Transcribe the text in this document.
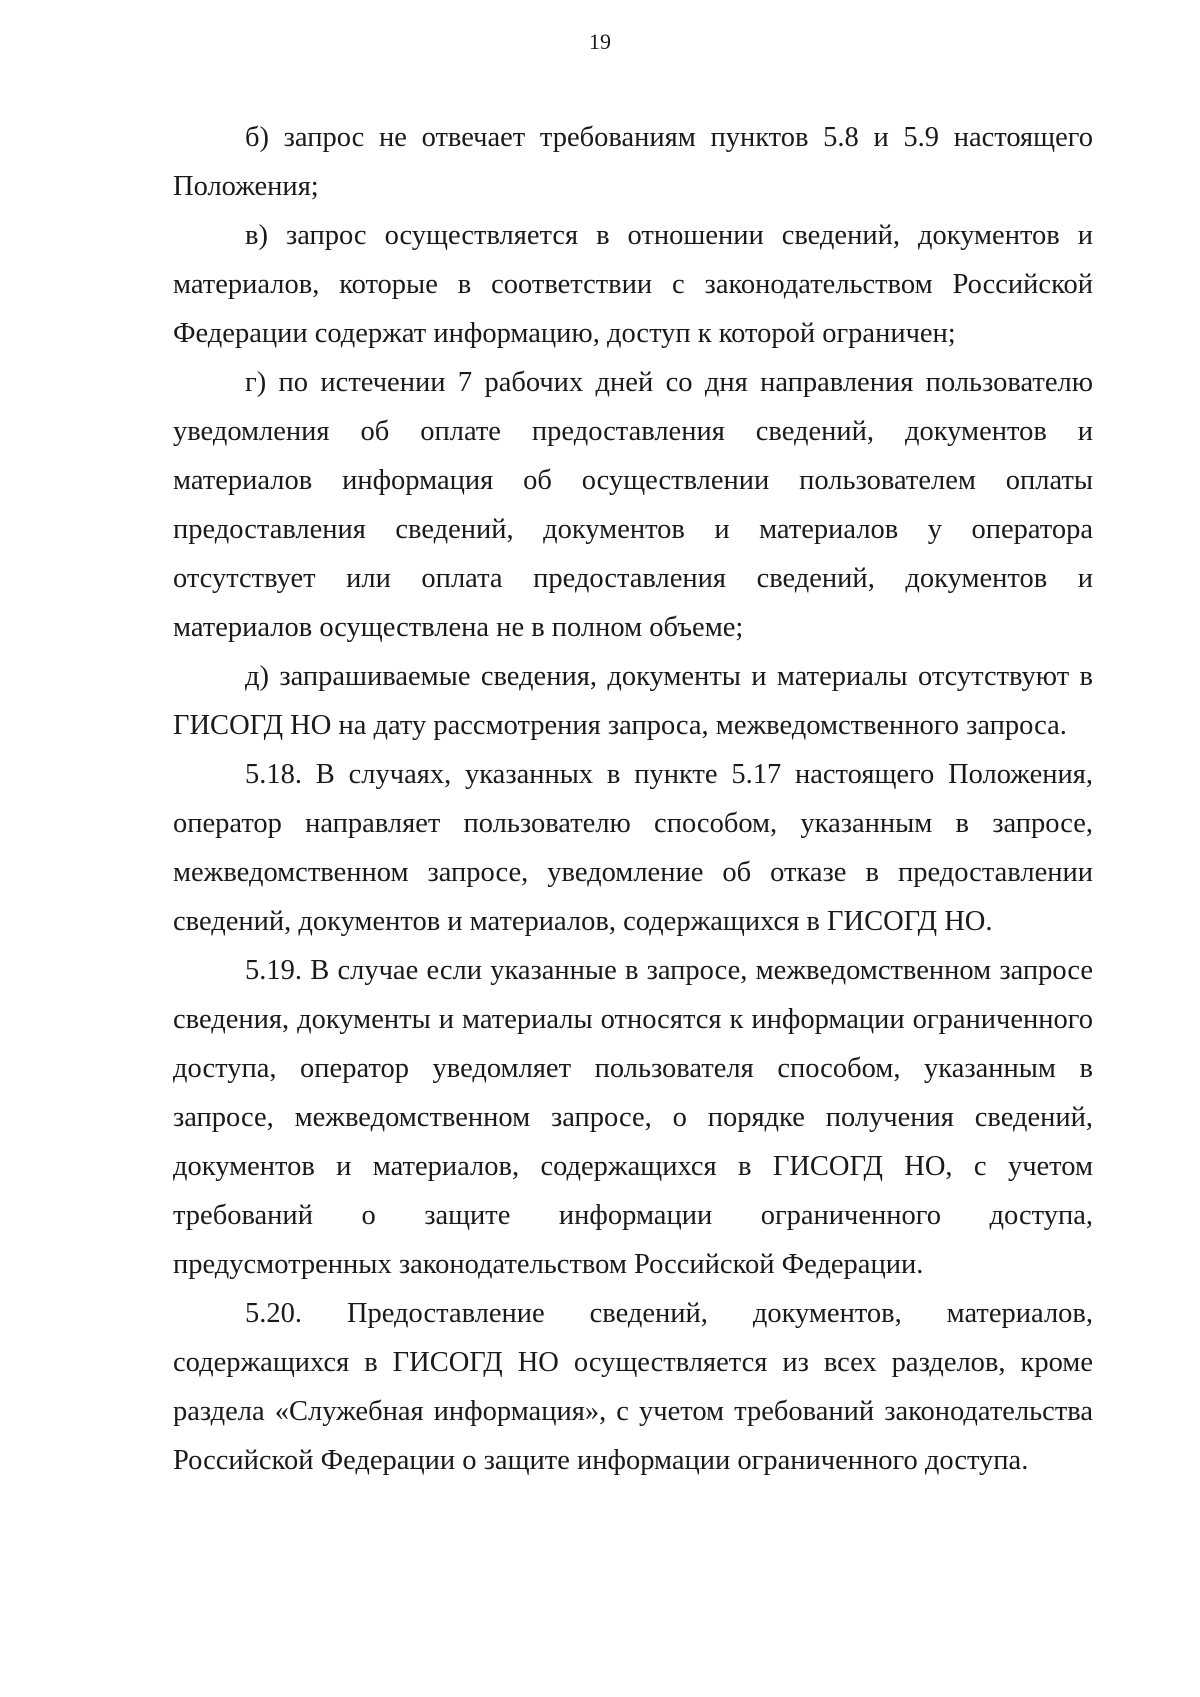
19

б) запрос не отвечает требованиям пунктов 5.8 и 5.9 настоящего Положения;

в) запрос осуществляется в отношении сведений, документов и материалов, которые в соответствии с законодательством Российской Федерации содержат информацию, доступ к которой ограничен;

г) по истечении 7 рабочих дней со дня направления пользователю уведомления об оплате предоставления сведений, документов и материалов информация об осуществлении пользователем оплаты предоставления сведений, документов и материалов у оператора отсутствует или оплата предоставления сведений, документов и материалов осуществлена не в полном объеме;

д) запрашиваемые сведения, документы и материалы отсутствуют в ГИСОГД НО на дату рассмотрения запроса, межведомственного запроса.

5.18. В случаях, указанных в пункте 5.17 настоящего Положения, оператор направляет пользователю способом, указанным в запросе, межведомственном запросе, уведомление об отказе в предоставлении сведений, документов и материалов, содержащихся в ГИСОГД НО.

5.19. В случае если указанные в запросе, межведомственном запросе сведения, документы и материалы относятся к информации ограниченного доступа, оператор уведомляет пользователя способом, указанным в запросе, межведомственном запросе, о порядке получения сведений, документов и материалов, содержащихся в ГИСОГД НО, с учетом требований о защите информации ограниченного доступа, предусмотренных законодательством Российской Федерации.

5.20. Предоставление сведений, документов, материалов, содержащихся в ГИСОГД НО осуществляется из всех разделов, кроме раздела «Служебная информация», с учетом требований законодательства Российской Федерации о защите информации ограниченного доступа.
